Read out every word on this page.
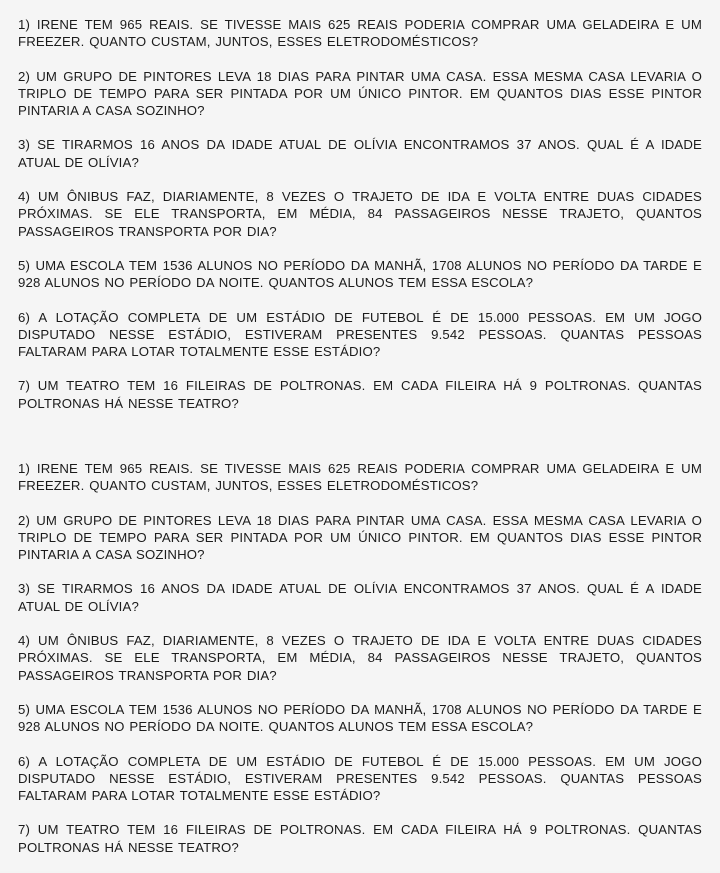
1) IRENE TEM 965 REAIS. SE TIVESSE MAIS 625 REAIS PODERIA COMPRAR UMA GELADEIRA E UM FREEZER. QUANTO CUSTAM, JUNTOS, ESSES ELETRODOMÉSTICOS?

2) UM GRUPO DE PINTORES LEVA 18 DIAS PARA PINTAR UMA CASA. ESSA MESMA CASA LEVARIA O TRIPLO DE TEMPO PARA SER PINTADA POR UM ÚNICO PINTOR. EM QUANTOS DIAS ESSE PINTOR PINTARIA A CASA SOZINHO?

3) SE TIRARMOS 16 ANOS DA IDADE ATUAL DE OLÍVIA ENCONTRAMOS 37 ANOS. QUAL É A IDADE ATUAL DE OLÍVIA?

4) UM ÔNIBUS FAZ, DIARIAMENTE, 8 VEZES O TRAJETO DE IDA E VOLTA ENTRE DUAS CIDADES PRÓXIMAS. SE ELE TRANSPORTA, EM MÉDIA, 84 PASSAGEIROS NESSE TRAJETO, QUANTOS PASSAGEIROS TRANSPORTA POR DIA?

5) UMA ESCOLA TEM 1536 ALUNOS NO PERÍODO DA MANHÃ, 1708 ALUNOS NO PERÍODO DA TARDE E 928 ALUNOS NO PERÍODO DA NOITE. QUANTOS ALUNOS TEM ESSA ESCOLA?

6) A LOTAÇÃO COMPLETA DE UM ESTÁDIO DE FUTEBOL É DE 15.000 PESSOAS. EM UM JOGO DISPUTADO NESSE ESTÁDIO, ESTIVERAM PRESENTES 9.542 PESSOAS. QUANTAS PESSOAS FALTARAM PARA LOTAR TOTALMENTE ESSE ESTÁDIO?

7) UM TEATRO TEM 16 FILEIRAS DE POLTRONAS. EM CADA FILEIRA HÁ 9 POLTRONAS. QUANTAS POLTRONAS HÁ NESSE TEATRO?

1) IRENE TEM 965 REAIS. SE TIVESSE MAIS 625 REAIS PODERIA COMPRAR UMA GELADEIRA E UM FREEZER. QUANTO CUSTAM, JUNTOS, ESSES ELETRODOMÉSTICOS?

2) UM GRUPO DE PINTORES LEVA 18 DIAS PARA PINTAR UMA CASA. ESSA MESMA CASA LEVARIA O TRIPLO DE TEMPO PARA SER PINTADA POR UM ÚNICO PINTOR. EM QUANTOS DIAS ESSE PINTOR PINTARIA A CASA SOZINHO?

3) SE TIRARMOS 16 ANOS DA IDADE ATUAL DE OLÍVIA ENCONTRAMOS 37 ANOS. QUAL É A IDADE ATUAL DE OLÍVIA?

4) UM ÔNIBUS FAZ, DIARIAMENTE, 8 VEZES O TRAJETO DE IDA E VOLTA ENTRE DUAS CIDADES PRÓXIMAS. SE ELE TRANSPORTA, EM MÉDIA, 84 PASSAGEIROS NESSE TRAJETO, QUANTOS PASSAGEIROS TRANSPORTA POR DIA?

5) UMA ESCOLA TEM 1536 ALUNOS NO PERÍODO DA MANHÃ, 1708 ALUNOS NO PERÍODO DA TARDE E 928 ALUNOS NO PERÍODO DA NOITE. QUANTOS ALUNOS TEM ESSA ESCOLA?

6) A LOTAÇÃO COMPLETA DE UM ESTÁDIO DE FUTEBOL É DE 15.000 PESSOAS. EM UM JOGO DISPUTADO NESSE ESTÁDIO, ESTIVERAM PRESENTES 9.542 PESSOAS. QUANTAS PESSOAS FALTARAM PARA LOTAR TOTALMENTE ESSE ESTÁDIO?

7) UM TEATRO TEM 16 FILEIRAS DE POLTRONAS. EM CADA FILEIRA HÁ 9 POLTRONAS. QUANTAS POLTRONAS HÁ NESSE TEATRO?
